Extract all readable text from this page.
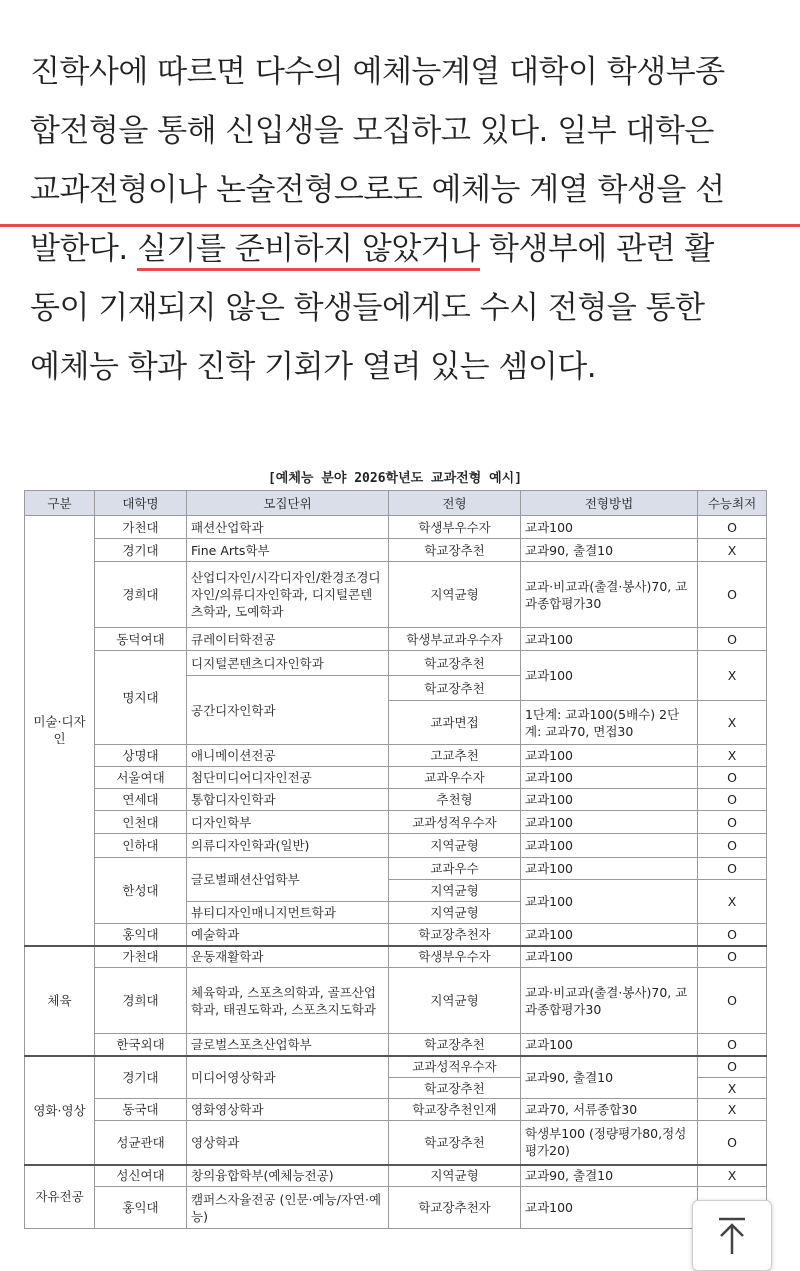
진학사에 따르면 다수의 예체능계열 대학이 학생부종
합전형을 통해 신입생을 모집하고 있다. 일부 대학은
교과전형이나 논술전형으로도 예체능 계열 학생을 선
발한다. 실기를 준비하지 않았거나 학생부에 관련 활
동이 기재되지 않은 학생들에게도 수시 전형을 통한
예체능 학과 진학 기회가 열려 있는 셈이다.
[예체능 분야 2026학년도 교과전형 예시]
구분	대학명	모집단위	전형	전형방법	수능최저
미술·디자인	가천대	패션산업학과	학생부우수자	교과100	O
	경기대	Fine Arts학부	학교장추천	교과90, 출결10	X
	경희대	산업디자인/시각디자인/환경조경디자인/의류디자인학과, 디지털콘텐츠학과, 도예학과	지역균형	교과·비교과(출결·봉사)70, 교과종합평가30	O
	동덕여대	큐레이터학전공	학생부교과우수자	교과100	O
	명지대	디지털콘텐츠디자인학과	학교장추천	교과100	X
		공간디자인학과	학교장추천		
			교과면접	1단계: 교과100(5배수) 2단계: 교과70, 면접30	X
	상명대	애니메이션전공	고교추천	교과100	X
	서울여대	첨단미디어디자인전공	교과우수자	교과100	O
	연세대	통합디자인학과	추천형	교과100	O
	인천대	디자인학부	교과성적우수자	교과100	O
	인하대	의류디자인학과(일반)	지역균형	교과100	O
	한성대	글로벌패션산업학부	교과우수	교과100	O
			지역균형	교과100	X
		뷰티디자인매니지먼트학과	지역균형		
	홍익대	예술학과	학교장추천자	교과100	O
체육	가천대	운동재활학과	학생부우수자	교과100	O
	경희대	체육학과, 스포츠의학과, 골프산업학과, 태권도학과, 스포츠지도학과	지역균형	교과·비교과(출결·봉사)70, 교과종합평가30	O
	한국외대	글로벌스포츠산업학부	학교장추천	교과100	O
영화·영상	경기대	미디어영상학과	교과성적우수자	교과90, 출결10	O
			학교장추천		X
	동국대	영화영상학과	학교장추천인재	교과70, 서류종합30	X
	성균관대	영상학과	학교장추천	학생부100 (정량평가80,정성평가20)	O
자유전공	성신여대	창의융합학부(예체능전공)	지역균형	교과90, 출결10	X
	홍익대	캠퍼스자율전공 (인문·예능/자연·예능)	학교장추천자	교과100	
